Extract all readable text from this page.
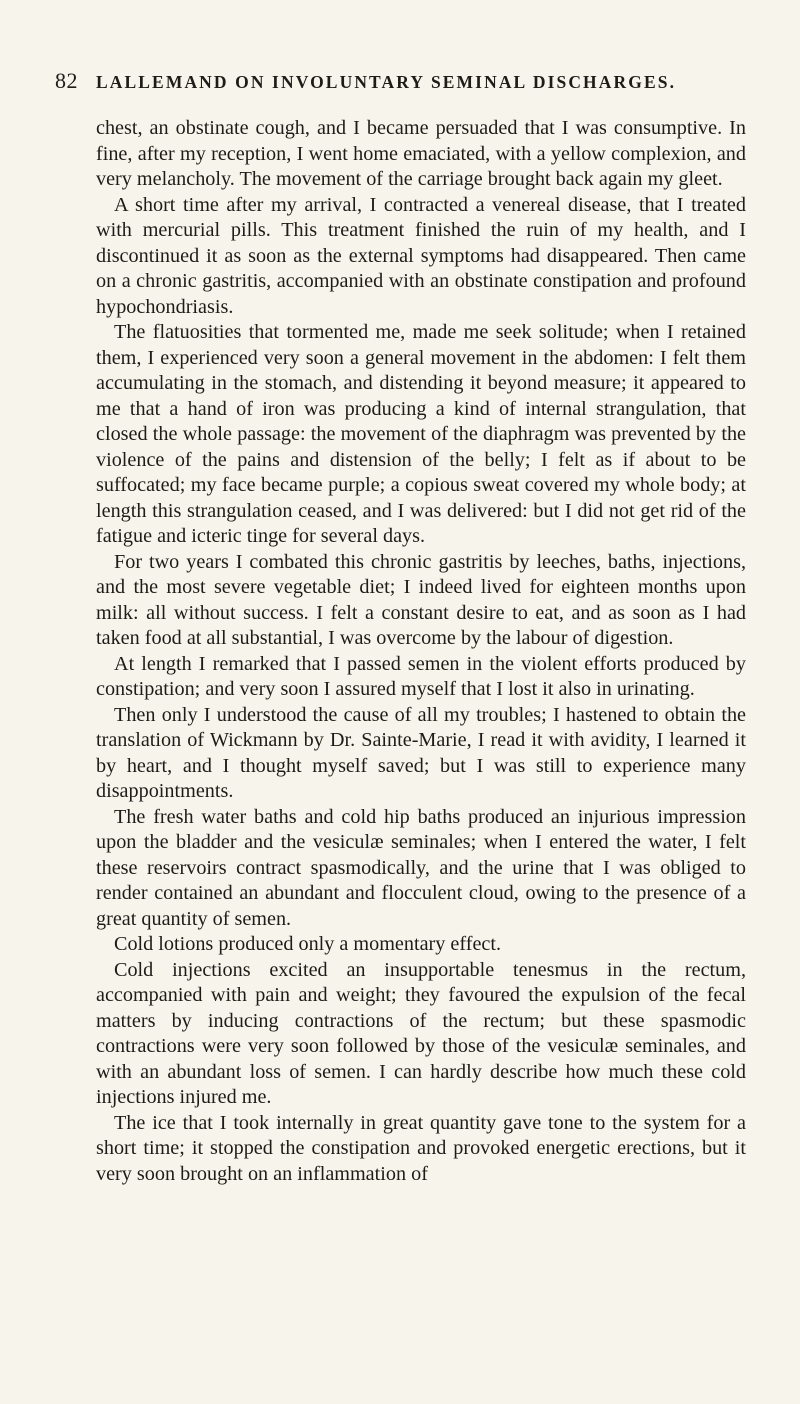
82 LALLEMAND ON INVOLUNTARY SEMINAL DISCHARGES.

chest, an obstinate cough, and I became persuaded that I was consumptive. In fine, after my reception, I went home emaciated, with a yellow complexion, and very melancholy. The movement of the carriage brought back again my gleet.

A short time after my arrival, I contracted a venereal disease, that I treated with mercurial pills. This treatment finished the ruin of my health, and I discontinued it as soon as the external symptoms had disappeared. Then came on a chronic gastritis, accompanied with an obstinate constipation and profound hypochondriasis.

The flatuosities that tormented me, made me seek solitude; when I retained them, I experienced very soon a general movement in the abdomen: I felt them accumulating in the stomach, and distending it beyond measure; it appeared to me that a hand of iron was producing a kind of internal strangulation, that closed the whole passage: the movement of the diaphragm was prevented by the violence of the pains and distension of the belly; I felt as if about to be suffocated; my face became purple; a copious sweat covered my whole body; at length this strangulation ceased, and I was delivered: but I did not get rid of the fatigue and icteric tinge for several days.

For two years I combated this chronic gastritis by leeches, baths, injections, and the most severe vegetable diet; I indeed lived for eighteen months upon milk: all without success. I felt a constant desire to eat, and as soon as I had taken food at all substantial, I was overcome by the labour of digestion.

At length I remarked that I passed semen in the violent efforts produced by constipation; and very soon I assured myself that I lost it also in urinating.

Then only I understood the cause of all my troubles; I hastened to obtain the translation of Wickmann by Dr. Sainte-Marie, I read it with avidity, I learned it by heart, and I thought myself saved; but I was still to experience many disappointments.

The fresh water baths and cold hip baths produced an injurious impression upon the bladder and the vesiculæ seminales; when I entered the water, I felt these reservoirs contract spasmodically, and the urine that I was obliged to render contained an abundant and flocculent cloud, owing to the presence of a great quantity of semen.

Cold lotions produced only a momentary effect.

Cold injections excited an insupportable tenesmus in the rectum, accompanied with pain and weight; they favoured the expulsion of the fecal matters by inducing contractions of the rectum; but these spasmodic contractions were very soon followed by those of the vesiculæ seminales, and with an abundant loss of semen. I can hardly describe how much these cold injections injured me.

The ice that I took internally in great quantity gave tone to the system for a short time; it stopped the constipation and provoked energetic erections, but it very soon brought on an inflammation of
